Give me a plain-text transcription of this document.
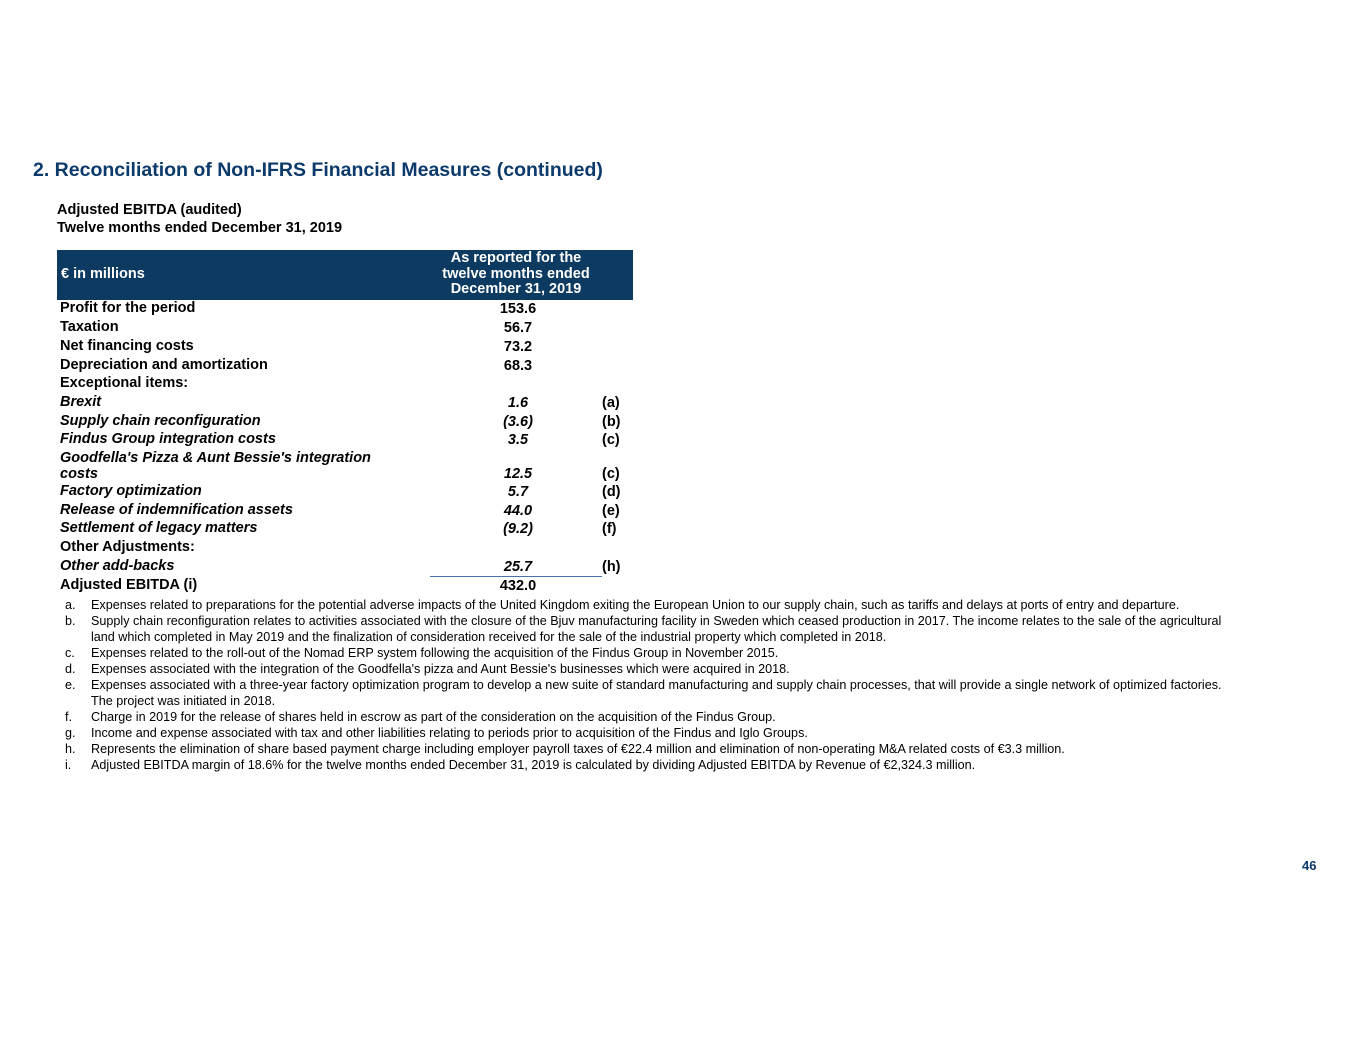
2. Reconciliation of Non-IFRS Financial Measures (continued)
Adjusted EBITDA (audited)
Twelve months ended December 31, 2019
€ in millions
As reported for the
twelve months ended
December 31, 2019
Profit for the period	153.6
Taxation	56.7
Net financing costs	73.2
Depreciation and amortization	68.3
Exceptional items:
Brexit	1.6	(a)
Supply chain reconfiguration	(3.6)	(b)
Findus Group integration costs	3.5	(c)
Goodfella's Pizza & Aunt Bessie's integration costs	12.5	(c)
Factory optimization	5.7	(d)
Release of indemnification assets	44.0	(e)
Settlement of legacy matters	(9.2)	(f)
Other Adjustments:
Other add-backs	25.7	(h)
Adjusted EBITDA (i)	432.0
a.	Expenses related to preparations for the potential adverse impacts of the United Kingdom exiting the European Union to our supply chain, such as tariffs and delays at ports of entry and departure.
b.	Supply chain reconfiguration relates to activities associated with the closure of the Bjuv manufacturing facility in Sweden which ceased production in 2017. The income relates to the sale of the agricultural land which completed in May 2019 and the finalization of consideration received for the sale of the industrial property which completed in 2018.
c.	Expenses related to the roll-out of the Nomad ERP system following the acquisition of the Findus Group in November 2015.
d.	Expenses associated with the integration of the Goodfella's pizza and Aunt Bessie's businesses which were acquired in 2018.
e.	Expenses associated with a three-year factory optimization program to develop a new suite of standard manufacturing and supply chain processes, that will provide a single network of optimized factories. The project was initiated in 2018.
f.	Charge in 2019 for the release of shares held in escrow as part of the consideration on the acquisition of the Findus Group.
g.	Income and expense associated with tax and other liabilities relating to periods prior to acquisition of the Findus and Iglo Groups.
h.	Represents the elimination of share based payment charge including employer payroll taxes of €22.4 million and elimination of non-operating M&A related costs of €3.3 million.
i.	Adjusted EBITDA margin of 18.6% for the twelve months ended December 31, 2019 is calculated by dividing Adjusted EBITDA by Revenue of €2,324.3 million.
46
